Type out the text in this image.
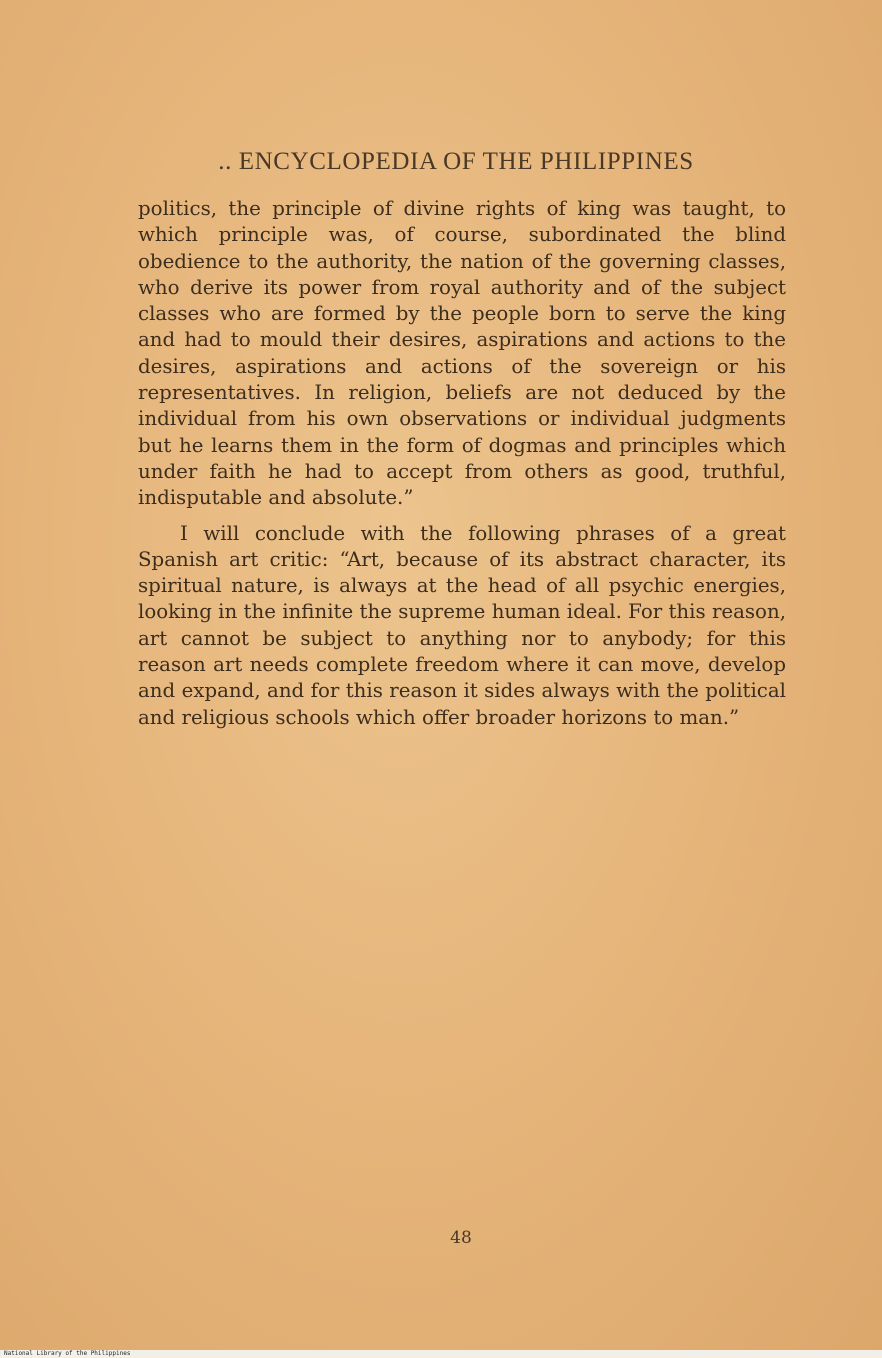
.. ENCYCLOPEDIA OF THE PHILIPPINES

politics, the principle of divine rights of king was taught, to which principle was, of course, subordinated the blind obedience to the authority, the nation of the governing classes, who derive its power from royal authority and of the subject classes who are formed by the people born to serve the king and had to mould their desires, aspirations and actions to the desires, aspirations and actions of the sovereign or his representatives. In religion, beliefs are not deduced by the individual from his own observations or individual judgments but he learns them in the form of dogmas and principles which under faith he had to accept from others as good, truthful, indisputable and absolute.”

I will conclude with the following phrases of a great Spanish art critic: “Art, because of its abstract character, its spiritual nature, is always at the head of all psychic energies, looking in the infinite the supreme human ideal. For this reason, art cannot be subject to anything nor to anybody; for this reason art needs complete freedom where it can move, develop and expand, and for this reason it sides always with the political and religious schools which offer broader horizons to man.”

48
National Library of the Philippines
